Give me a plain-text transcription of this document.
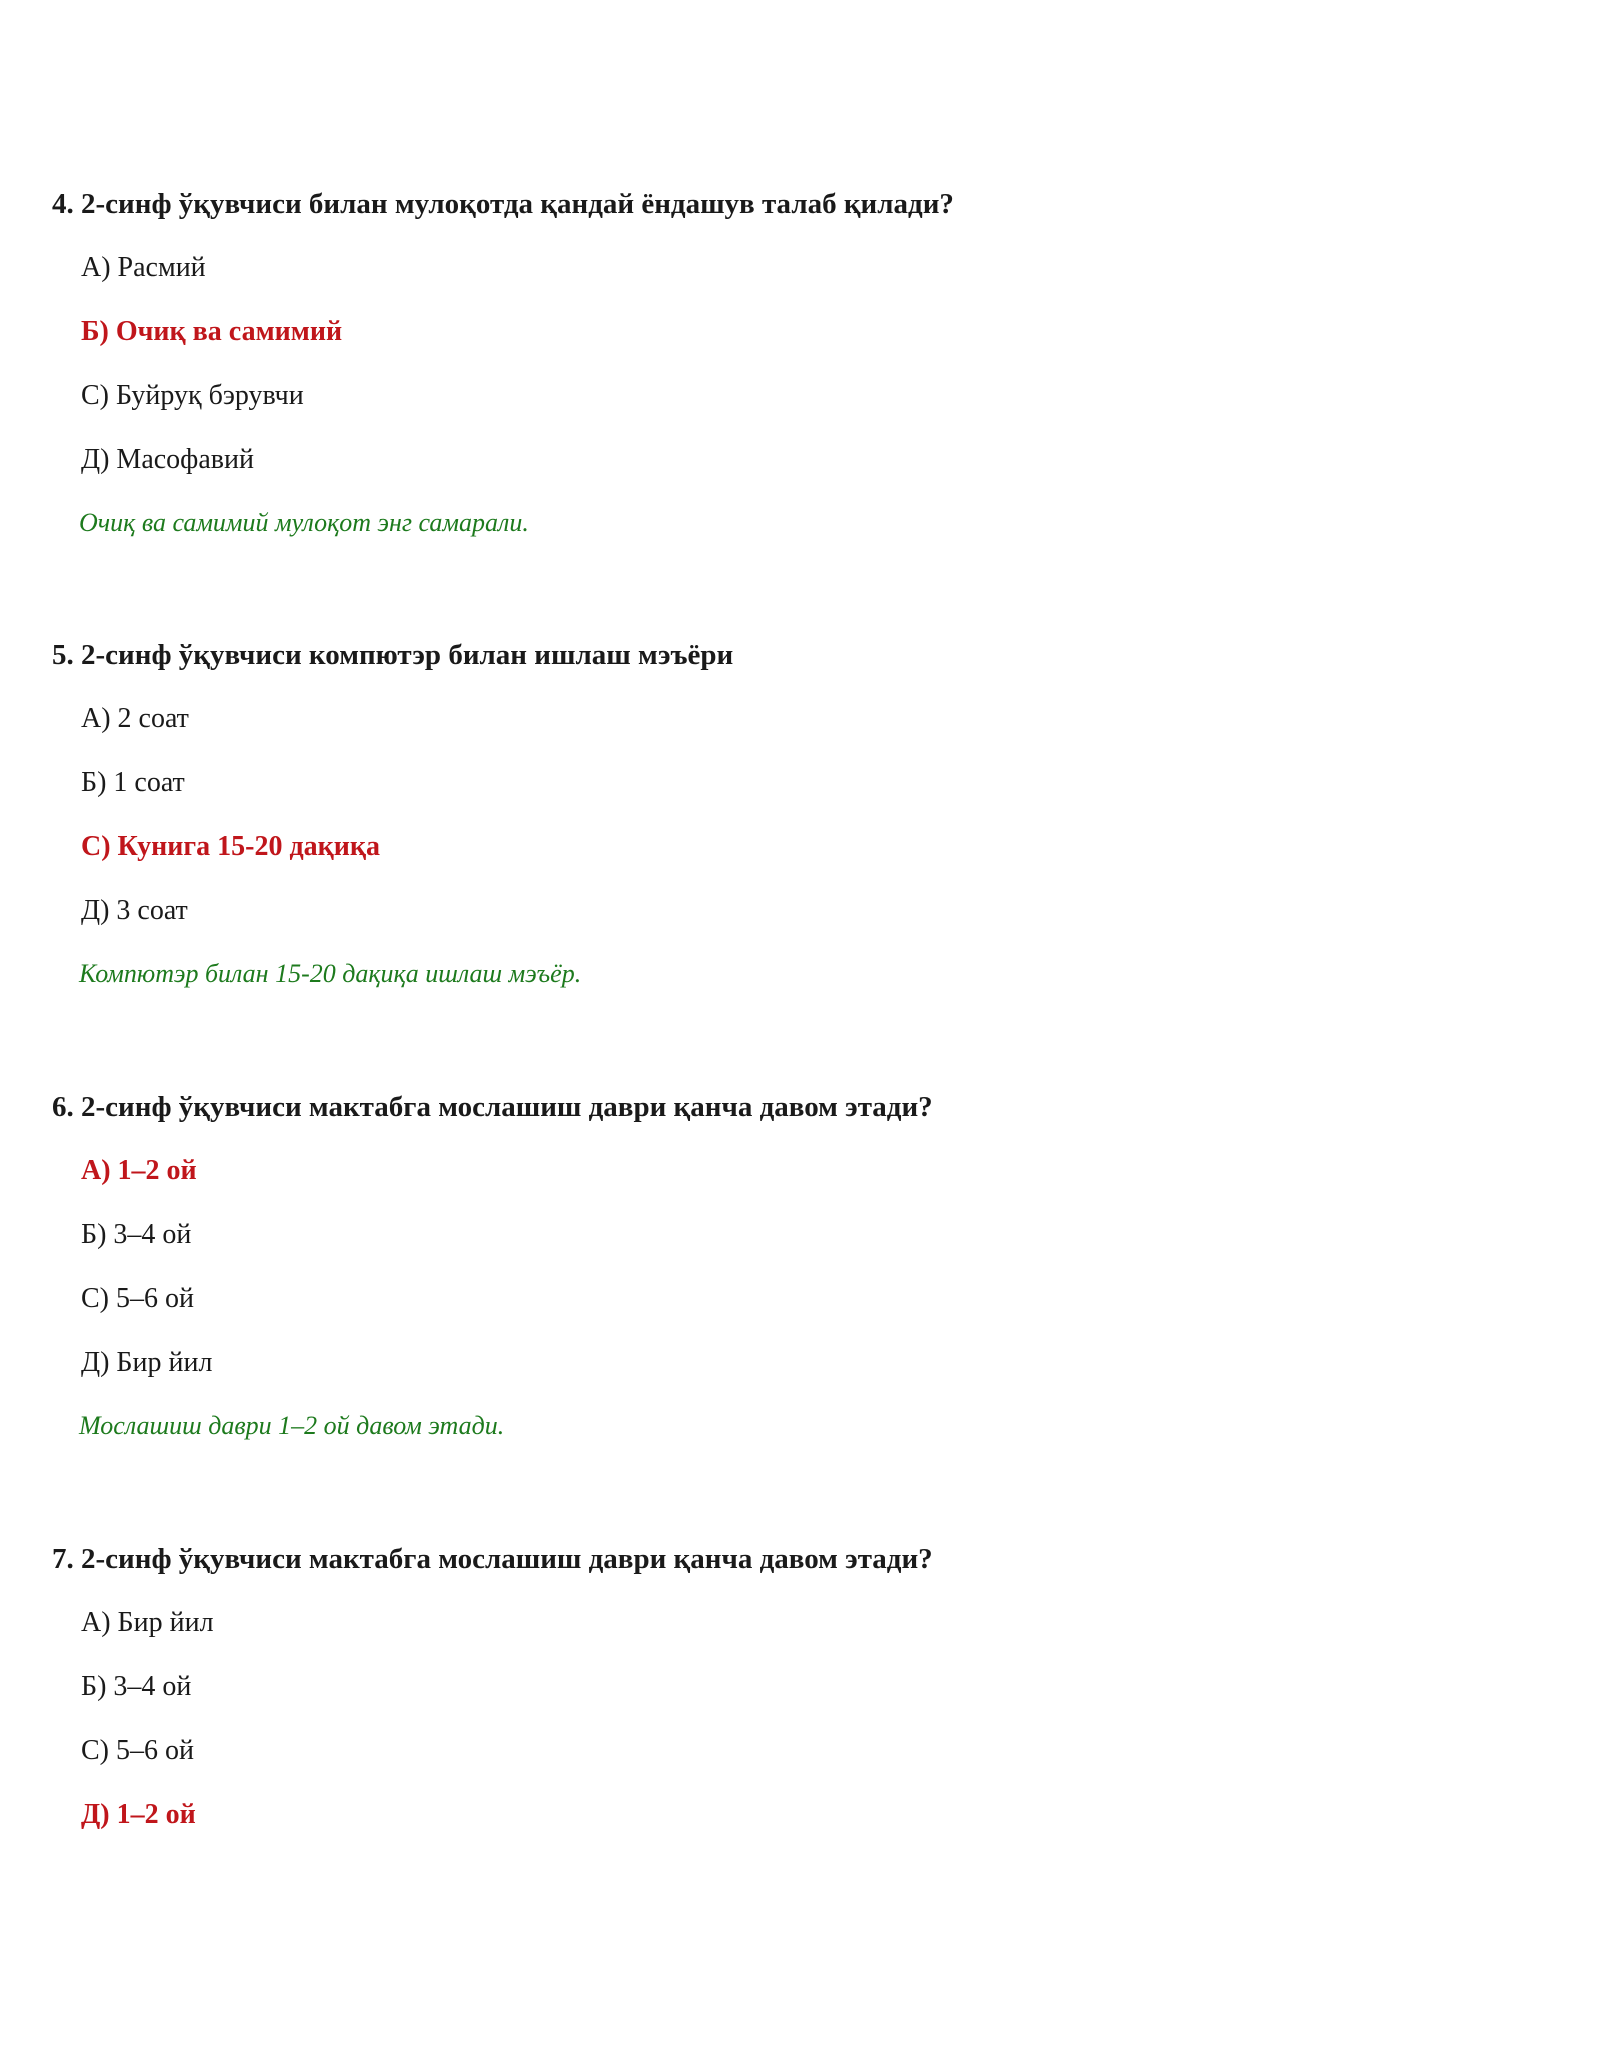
4. 2-синф ўқувчиси билан мулоқотда қандай ёндашув талаб қилади?
А) Расмий
Б) Очиқ ва самимий
С) Буйруқ бэрувчи
Д) Масофавий

Очиқ ва самимий мулоқот энг самарали.

5. 2-синф ўқувчиси компютэр билан ишлаш мэъёри
А) 2 соат
Б) 1 соат
С) Кунига 15-20 дақиқа
Д) 3 соат

Компютэр билан 15-20 дақиқа ишлаш мэъёр.

6. 2-синф ўқувчиси мактабга мослашиш даври қанча давом этади?
А) 1–2 ой
Б) 3–4 ой
С) 5–6 ой
Д) Бир йил

Мослашиш даври 1–2 ой давом этади.

7. 2-синф ўқувчиси мактабга мослашиш даври қанча давом этади?
А) Бир йил
Б) 3–4 ой
С) 5–6 ой
Д) 1–2 ой
